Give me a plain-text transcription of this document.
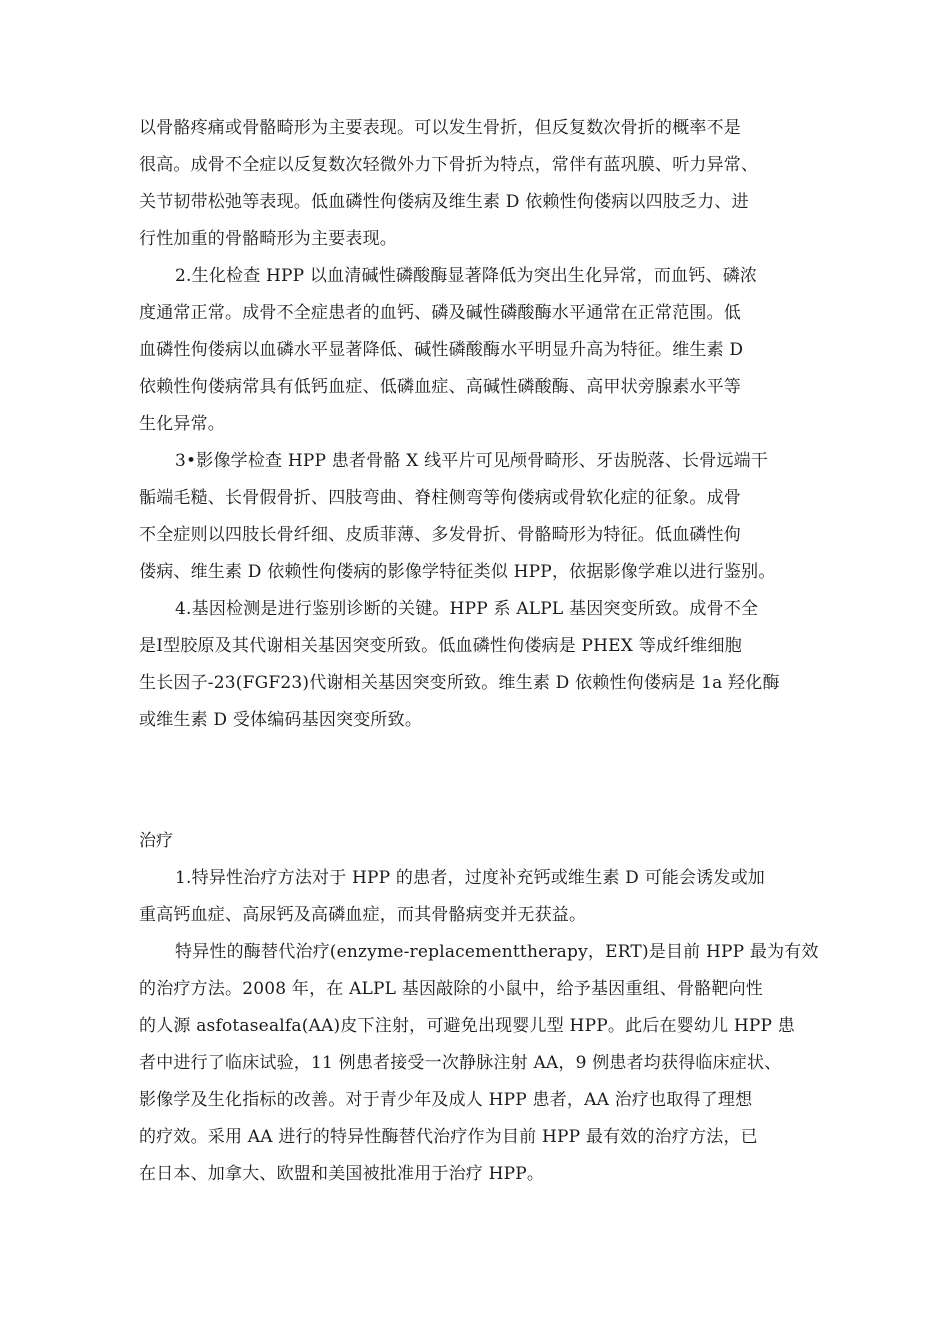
以骨骼疼痛或骨骼畸形为主要表现。可以发生骨折，但反复数次骨折的概率不是
很高。成骨不全症以反复数次轻微外力下骨折为特点，常伴有蓝巩膜、听力异常、
关节韧带松弛等表现。低血磷性佝偻病及维生素 D 依赖性佝偻病以四肢乏力、进
行性加重的骨骼畸形为主要表现。
2.生化检查 HPP 以血清碱性磷酸酶显著降低为突出生化异常，而血钙、磷浓
度通常正常。成骨不全症患者的血钙、磷及碱性磷酸酶水平通常在正常范围。低
血磷性佝偻病以血磷水平显著降低、碱性磷酸酶水平明显升高为特征。维生素 D
依赖性佝偻病常具有低钙血症、低磷血症、高碱性磷酸酶、高甲状旁腺素水平等
生化异常。
3•影像学检查 HPP 患者骨骼 X 线平片可见颅骨畸形、牙齿脱落、长骨远端干
骺端毛糙、长骨假骨折、四肢弯曲、脊柱侧弯等佝偻病或骨软化症的征象。成骨
不全症则以四肢长骨纤细、皮质菲薄、多发骨折、骨骼畸形为特征。低血磷性佝
偻病、维生素 D 依赖性佝偻病的影像学特征类似 HPP，依据影像学难以进行鉴别。
4.基因检测是进行鉴别诊断的关键。HPP 系 ALPL 基因突变所致。成骨不全
是Ⅰ型胶原及其代谢相关基因突变所致。低血磷性佝偻病是 PHEX 等成纤维细胞
生长因子-23(FGF23)代谢相关基因突变所致。维生素 D 依赖性佝偻病是 1a 羟化酶
或维生素 D 受体编码基因突变所致。
治疗
1.特异性治疗方法对于 HPP 的患者，过度补充钙或维生素 D 可能会诱发或加
重高钙血症、高尿钙及高磷血症，而其骨骼病变并无获益。
特异性的酶替代治疗(enzyme-replacementtherapy，ERT)是目前 HPP 最为有效
的治疗方法。2008 年，在 ALPL 基因敲除的小鼠中，给予基因重组、骨骼靶向性
的人源 asfotasealfa(AA)皮下注射，可避免出现婴儿型 HPP。此后在婴幼儿 HPP 患
者中进行了临床试验，11 例患者接受一次静脉注射 AA，9 例患者均获得临床症状、
影像学及生化指标的改善。对于青少年及成人 HPP 患者，AA 治疗也取得了理想
的疗效。采用 AA 进行的特异性酶替代治疗作为目前 HPP 最有效的治疗方法，已
在日本、加拿大、欧盟和美国被批准用于治疗 HPP。
